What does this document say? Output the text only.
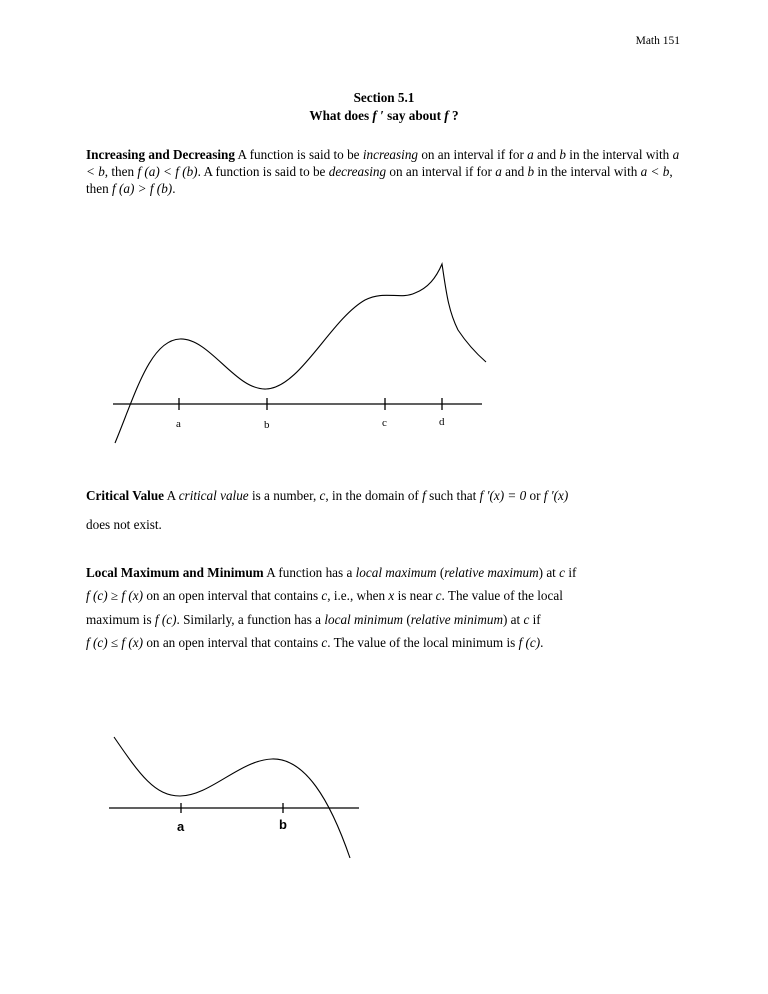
Math 151
Section 5.1
What does f ′ say about f ?
Increasing and Decreasing A function is said to be increasing on an interval if for a and b in the interval with a < b, then f (a) < f (b). A function is said to be decreasing on an interval if for a and b in the interval with a < b, then f (a) > f (b).
a	b	c	d
Critical Value A critical value is a number, c, in the domain of f such that f ′(x) = 0 or f ′(x)
does not exist.
Local Maximum and Minimum A function has a local maximum (relative maximum) at c if
f (c) ≥ f (x) on an open interval that contains c, i.e., when x is near c. The value of the local
maximum is f (c). Similarly, a function has a local minimum (relative minimum) at c if
f (c) ≤ f (x) on an open interval that contains c. The value of the local minimum is f (c).
a	b
